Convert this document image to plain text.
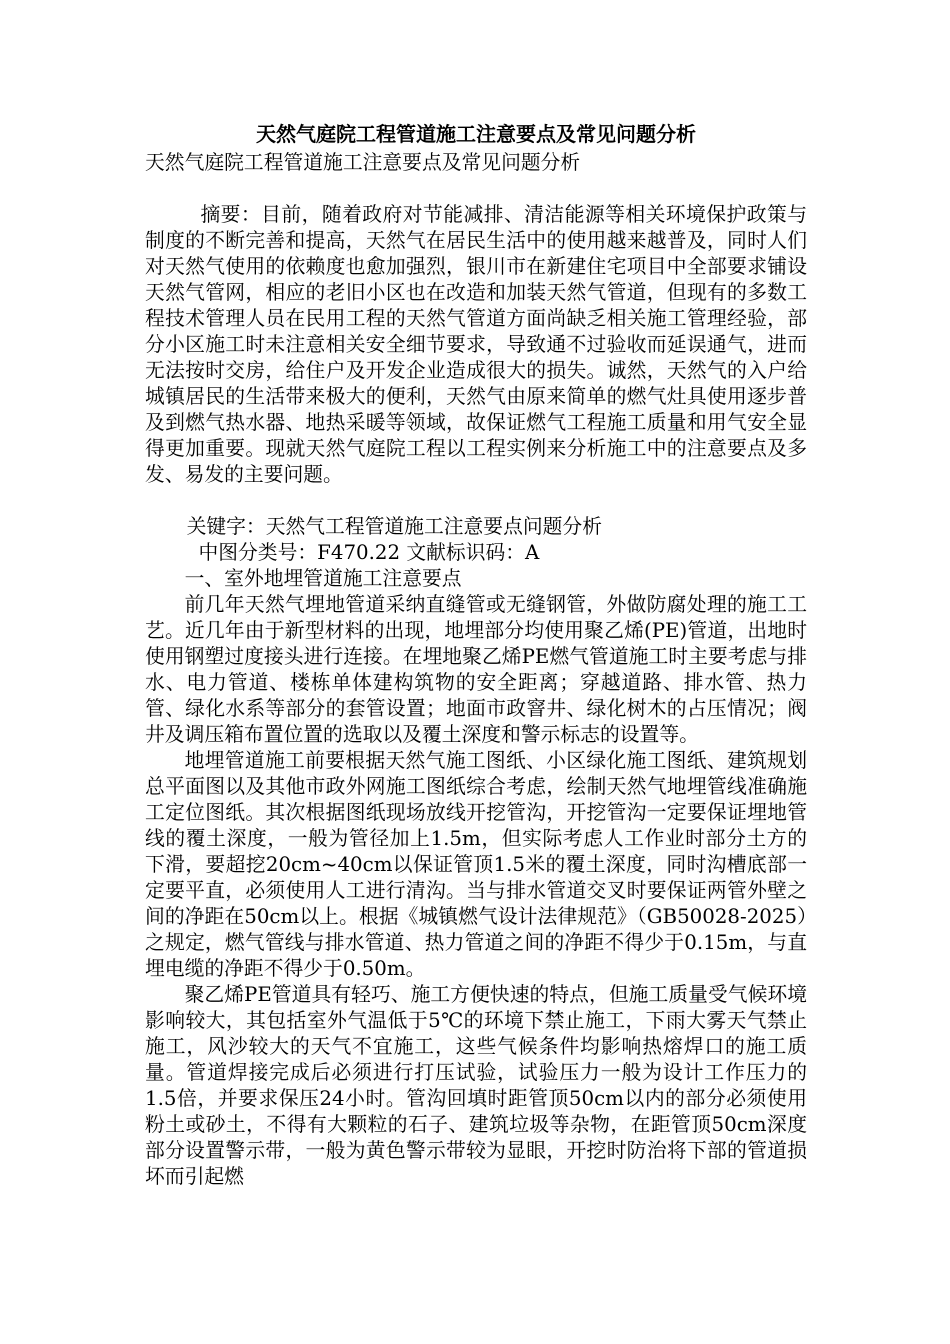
天然气庭院工程管道施工注意要点及常见问题分析
天然气庭院工程管道施工注意要点及常见问题分析

摘要：目前，随着政府对节能减排、清洁能源等相关环境保护政策与制度的不断完善和提高，天然气在居民生活中的使用越来越普及，同时人们对天然气使用的依赖度也愈加强烈，银川市在新建住宅项目中全部要求铺设天然气管网，相应的老旧小区也在改造和加装天然气管道，但现有的多数工程技术管理人员在民用工程的天然气管道方面尚缺乏相关施工管理经验，部分小区施工时未注意相关安全细节要求，导致通不过验收而延误通气，进而无法按时交房，给住户及开发企业造成很大的损失。诚然，天然气的入户给城镇居民的生活带来极大的便利，天然气由原来简单的燃气灶具使用逐步普及到燃气热水器、地热采暖等领域，故保证燃气工程施工质量和用气安全显得更加重要。现就天然气庭院工程以工程实例来分析施工中的注意要点及多发、易发的主要问题。

关键字：天然气工程管道施工注意要点问题分析

中图分类号：F470.22 文献标识码：A

一、室外地埋管道施工注意要点

前几年天然气埋地管道采纳直缝管或无缝钢管，外做防腐处理的施工工艺。近几年由于新型材料的出现，地埋部分均使用聚乙烯(PE)管道，出地时使用钢塑过度接头进行连接。在埋地聚乙烯PE燃气管道施工时主要考虑与排水、电力管道、楼栋单体建构筑物的安全距离；穿越道路、排水管、热力管、绿化水系等部分的套管设置；地面市政窨井、绿化树木的占压情况；阀井及调压箱布置位置的选取以及覆土深度和警示标志的设置等。

地埋管道施工前要根据天然气施工图纸、小区绿化施工图纸、建筑规划总平面图以及其他市政外网施工图纸综合考虑，绘制天然气地埋管线准确施工定位图纸。其次根据图纸现场放线开挖管沟，开挖管沟一定要保证埋地管线的覆土深度，一般为管径加上1.5m，但实际考虑人工作业时部分土方的下滑，要超挖20cm~40cm以保证管顶1.5米的覆土深度，同时沟槽底部一定要平直，必须使用人工进行清沟。当与排水管道交叉时要保证两管外壁之间的净距在50cm以上。根据《城镇燃气设计法律规范》（GB50028-2025）之规定，燃气管线与排水管道、热力管道之间的净距不得少于0.15m，与直埋电缆的净距不得少于0.50m。

聚乙烯PE管道具有轻巧、施工方便快速的特点，但施工质量受气候环境影响较大，其包括室外气温低于5℃的环境下禁止施工，下雨大雾天气禁止施工，风沙较大的天气不宜施工，这些气候条件均影响热熔焊口的施工质量。管道焊接完成后必须进行打压试验，试验压力一般为设计工作压力的1.5倍，并要求保压24小时。管沟回填时距管顶50cm以内的部分必须使用粉土或砂土，不得有大颗粒的石子、建筑垃圾等杂物，在距管顶50cm深度部分设置警示带，一般为黄色警示带较为显眼，开挖时防治将下部的管道损坏而引起燃
